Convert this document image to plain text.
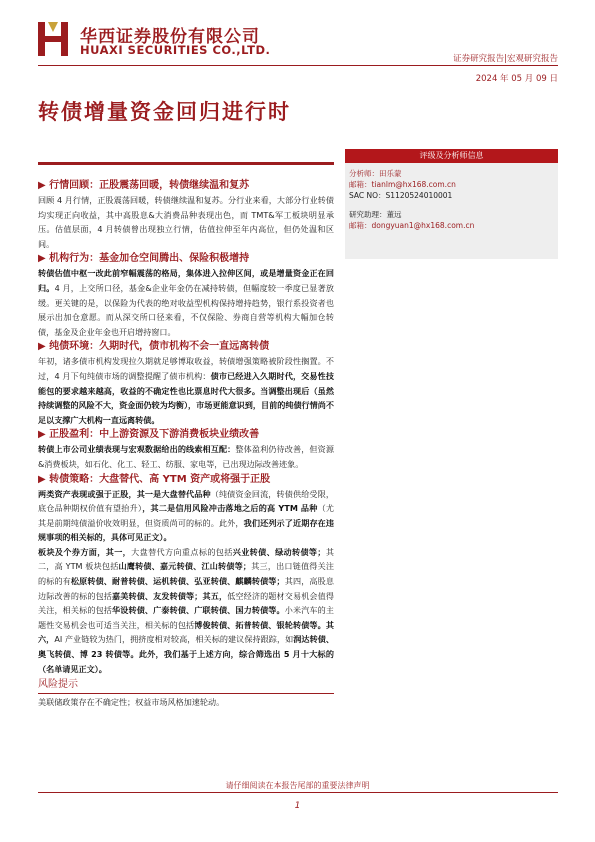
华西证券股份有限公司
HUAXI SECURITIES CO.,LTD.
证券研究报告|宏观研究报告
2024 年 05 月 09 日
转债增量资金回归进行时
评级及分析师信息
分析师：田乐蒙
邮箱：tianlm@hx168.com.cn
SAC NO：S1120524010001
研究助理：董远
邮箱：dongyuan1@hx168.com.cn
▶ 行情回顾：正股震荡回暖，转债继续温和复苏

回顾 4 月行情，正股震荡回暖，转债继续温和复苏。分行业来看，大部分行业转债均实现正向收益，其中高股息&大消费品种表现出色，而 TMT&军工板块明显承压。估值层面，4 月转债曾出现独立行情，估值拉伸至年内高位，但仍处温和区间。

▶ 机构行为：基金加仓空间腾出、保险积极增持

转债估值中枢一改此前窄幅震荡的格局，集体进入拉伸区间，或是增量资金正在回归。4 月，上交所口径，基金&企业年金仍在减持转债，但幅度较一季度已显著放缓。更关键的是，以保险为代表的绝对收益型机构保持增持趋势，银行系投资者也展示出加仓意愿。而从深交所口径来看，不仅保险、券商自营等机构大幅加仓转债，基金及企业年金也开启增持窗口。

▶ 纯债环境：久期时代，债市机构不会一直远离转债

年初，诸多债市机构发现拉久期就足够博取收益，转债增强策略被阶段性搁置。不过，4 月下旬纯债市场的调整提醒了债市机构：债市已经进入久期时代，交易性技能包的要求越来越高，收益的不确定性也比票息时代大很多。当调整出现后（虽然持续调整的风险不大，资金面仍较为均衡），市场更能意识到，目前的纯债行情尚不足以支撑广大机构一直远离转债。

▶ 正股盈利：中上游资源及下游消费板块业绩改善

转债上市公司业绩表现与宏观数据给出的线索相互配：整体盈利仍待改善，但资源&消费板块，如石化、化工、轻工、纺服、家电等，已出现边际改善迹象。

▶ 转债策略：大盘替代、高 YTM 资产或将强于正股

两类资产表现或强于正股，其一是大盘替代品种（纯债资金回流，转债供给受限，底仓品种期权价值有望抬升），其二是信用风险冲击落地之后的高 YTM 品种（尤其是前期纯债溢价收效明显，但资质尚可的标的。此外，我们还列示了近期存在违规事项的相关标的，具体可见正文）。

板块及个券方面，其一，大盘替代方向重点标的包括兴业转债、绿动转债等；其二，高 YTM 板块包括山鹰转债、嘉元转债、江山转债等；其三，出口链值得关注的标的有松原转债、耐普转债、运机转债、弘亚转债、麒麟转债等；其四，高股息边际改善的标的包括嘉美转债、友发转债等；其五，低空经济的题材交易机会值得关注，相关标的包括华设转债、广泰转债、广联转债、国力转债等。小米汽车的主题性交易机会也可适当关注，相关标的包括博俊转债、拓普转债、银轮转债等。其六，AI 产业链较为热门，拥挤度相对较高，相关标的建议保持跟踪，如润达转债、奥飞转债、博 23 转债等。此外，我们基于上述方向，综合筛选出 5 月十大标的（名单请见正文）。

风险提示

美联储政策存在不确定性；权益市场风格加速轮动。

请仔细阅读在本报告尾部的重要法律声明
1
